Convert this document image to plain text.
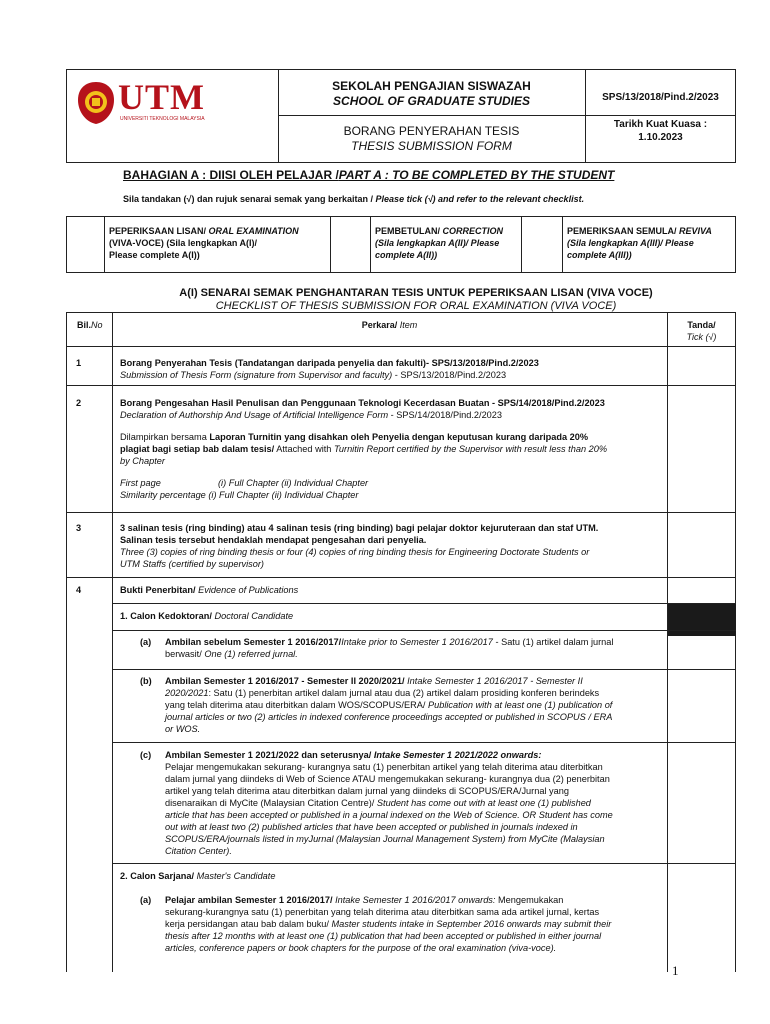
UTM
UNIVERSITI TEKNOLOGI MALAYSIA
SEKOLAH PENGAJIAN SISWAZAH
SCHOOL OF GRADUATE STUDIES
BORANG PENYERAHAN TESIS
THESIS SUBMISSION FORM
SPS/13/2018/Pind.2/2023
Tarikh Kuat Kuasa :
1.10.2023
BAHAGIAN A : DIISI OLEH PELAJAR /PART A : TO BE COMPLETED BY THE STUDENT
Sila tandakan (√) dan rujuk senarai semak yang berkaitan / Please tick (√) and refer to the relevant checklist.
PEPERIKSAAN LISAN/ ORAL EXAMINATION
(VIVA-VOCE) (Sila lengkapkan A(I)/
Please complete A(I))
PEMBETULAN/ CORRECTION
(Sila lengkapkan A(II)/ Please
complete A(II))
PEMERIKSAAN SEMULA/ REVIVA
(Sila lengkapkan A(III)/ Please
complete A(III))
A(I) SENARAI SEMAK PENGHANTARAN TESIS UNTUK PEPERIKSAAN LISAN (VIVA VOCE)
CHECKLIST OF THESIS SUBMISSION FOR ORAL EXAMINATION (VIVA VOCE)
Bil.No	Perkara/ Item	Tanda/
Tick (√)
1	Borang Penyerahan Tesis (Tandatangan daripada penyelia dan fakulti)- SPS/13/2018/Pind.2/2023
Submission of Thesis Form (signature from Supervisor and faculty) - SPS/13/2018/Pind.2/2023
2	Borang Pengesahan Hasil Penulisan dan Penggunaan Teknologi Kecerdasan Buatan - SPS/14/2018/Pind.2/2023
Declaration of Authorship And Usage of Artificial Intelligence Form - SPS/14/2018/Pind.2/2023
Dilampirkan bersama Laporan Turnitin yang disahkan oleh Penyelia dengan keputusan kurang daripada 20%
plagiat bagi setiap bab dalam tesis/ Attached with Turnitin Report certified by the Supervisor with result less than 20%
by Chapter
First page	(i) Full Chapter (ii) Individual Chapter
Similarity percentage (i) Full Chapter (ii) Individual Chapter
3	3 salinan tesis (ring binding) atau 4 salinan tesis (ring binding) bagi pelajar doktor kejuruteraan dan staf UTM.
Salinan tesis tersebut hendaklah mendapat pengesahan dari penyelia.
Three (3) copies of ring binding thesis or four (4) copies of ring binding thesis for Engineering Doctorate Students or
UTM Staffs (certified by supervisor)
4	Bukti Penerbitan/ Evidence of Publications
1. Calon Kedoktoran/ Doctoral Candidate
(a) Ambilan sebelum Semester 1 2016/2017/Intake prior to Semester 1 2016/2017 - Satu (1) artikel dalam jurnal
berwasit/ One (1) referred jurnal.
(b) Ambilan Semester 1 2016/2017 - Semester II 2020/2021/ Intake Semester 1 2016/2017 - Semester II
2020/2021: Satu (1) penerbitan artikel dalam jurnal atau dua (2) artikel dalam prosiding konferen berindeks
yang telah diterima atau diterbitkan dalam WOS/SCOPUS/ERA/ Publication with at least one (1) publication of
journal articles or two (2) articles in indexed conference proceedings accepted or published in SCOPUS / ERA
or WOS.
(c) Ambilan Semester 1 2021/2022 dan seterusnya/ Intake Semester 1 2021/2022 onwards:
Pelajar mengemukakan sekurang- kurangnya satu (1) penerbitan artikel yang telah diterima atau diterbitkan
dalam jurnal yang diindeks di Web of Science ATAU mengemukakan sekurang- kurangnya dua (2) penerbitan
artikel yang telah diterima atau diterbitkan dalam jurnal yang diindeks di SCOPUS/ERA/Jurnal yang
disenaraikan di MyCite (Malaysian Citation Centre)/ Student has come out with at least one (1) published
article that has been accepted or published in a journal indexed on the Web of Science. OR Student has come
out with at least two (2) published articles that have been accepted or published in journals indexed in
SCOPUS/ERA/journals listed in myJurnal (Malaysian Journal Management System) from MyCite (Malaysian
Citation Center).
2. Calon Sarjana/ Master's Candidate
(a) Pelajar ambilan Semester 1 2016/2017/ Intake Semester 1 2016/2017 onwards: Mengemukakan
sekurang-kurangnya satu (1) penerbitan yang telah diterima atau diterbitkan sama ada artikel jurnal, kertas
kerja persidangan atau bab dalam buku/ Master students intake in September 2016 onwards may submit their
thesis after 12 months with at least one (1) publication that had been accepted or published in either journal
articles, conference papers or book chapters for the purpose of the oral examination (viva-voce).
1
